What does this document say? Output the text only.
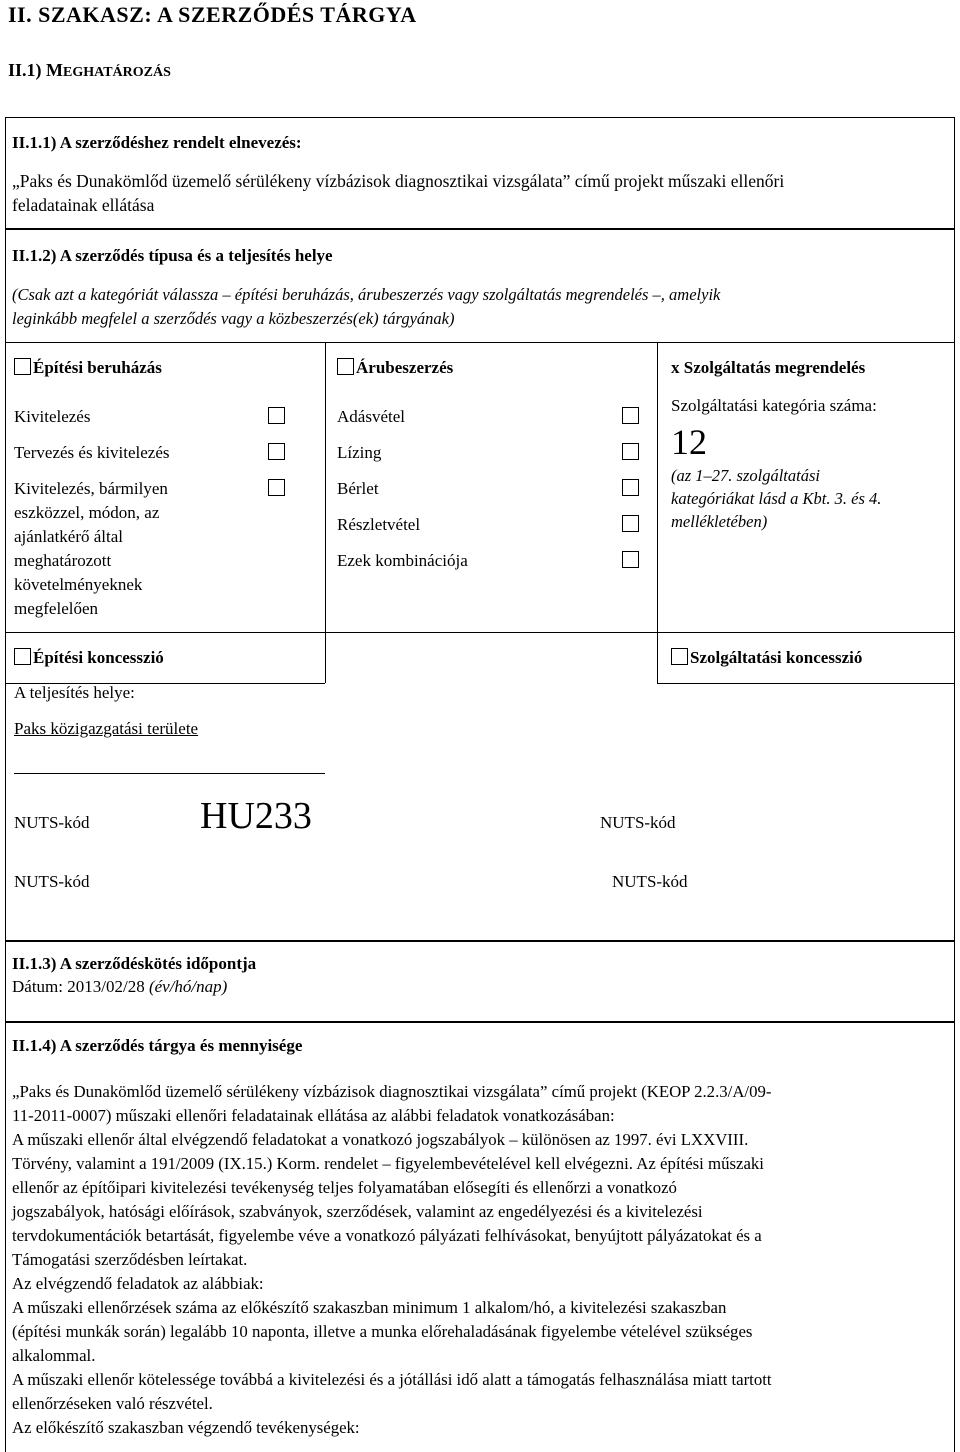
II. SZAKASZ: A SZERZŐDÉS TÁRGYA
II.1) MEGHATÁROZÁS
II.1.1) A szerződéshez rendelt elnevezés:
„Paks és Dunakömlőd üzemelő sérülékeny vízbázisok diagnosztikai vizsgálata” című projekt műszaki ellenőri
feladatainak ellátása
II.1.2) A szerződés típusa és a teljesítés helye
(Csak azt a kategóriát válassza – építési beruházás, árubeszerzés vagy szolgáltatás megrendelés –, amelyik
leginkább megfelel a szerződés vagy a közbeszerzés(ek) tárgyának)
Építési beruházás	Árubeszerzés	x Szolgáltatás megrendelés
Kivitelezés
Tervezés és kivitelezés
Kivitelezés, bármilyen
eszközzel, módon, az
ajánlatkérő által
meghatározott
követelményeknek
megfelelően
Adásvétel
Lízing
Bérlet
Részletvétel
Ezek kombinációja
Szolgáltatási kategória száma:
12
(az 1–27. szolgáltatási
kategóriákat lásd a Kbt. 3. és 4.
mellékletében)
Építési koncesszió	Szolgáltatási koncesszió
A teljesítés helye:
Paks közigazgatási területe
NUTS-kód	HU233	NUTS-kód
NUTS-kód	NUTS-kód
II.1.3) A szerződéskötés időpontja
Dátum: 2013/02/28 (év/hó/nap)
II.1.4) A szerződés tárgya és mennyisége
„Paks és Dunakömlőd üzemelő sérülékeny vízbázisok diagnosztikai vizsgálata” című projekt (KEOP 2.2.3/A/09-
11-2011-0007) műszaki ellenőri feladatainak ellátása az alábbi feladatok vonatkozásában:
A műszaki ellenőr által elvégzendő feladatokat a vonatkozó jogszabályok – különösen az 1997. évi LXXVIII.
Törvény, valamint a 191/2009 (IX.15.) Korm. rendelet – figyelembevételével kell elvégezni. Az építési műszaki
ellenőr az építőipari kivitelezési tevékenység teljes folyamatában elősegíti és ellenőrzi a vonatkozó
jogszabályok, hatósági előírások, szabványok, szerződések, valamint az engedélyezési és a kivitelezési
tervdokumentációk betartását, figyelembe véve a vonatkozó pályázati felhívásokat, benyújtott pályázatokat és a
Támogatási szerződésben leírtakat.
Az elvégzendő feladatok az alábbiak:
A műszaki ellenőrzések száma az előkészítő szakaszban minimum 1 alkalom/hó, a kivitelezési szakaszban
(építési munkák során) legalább 10 naponta, illetve a munka előrehaladásának figyelembe vételével szükséges
alkalommal.
A műszaki ellenőr kötelessége továbbá a kivitelezési és a jótállási idő alatt a támogatás felhasználása miatt tartott
ellenőrzéseken való részvétel.
Az előkészítő szakaszban végzendő tevékenységek:
